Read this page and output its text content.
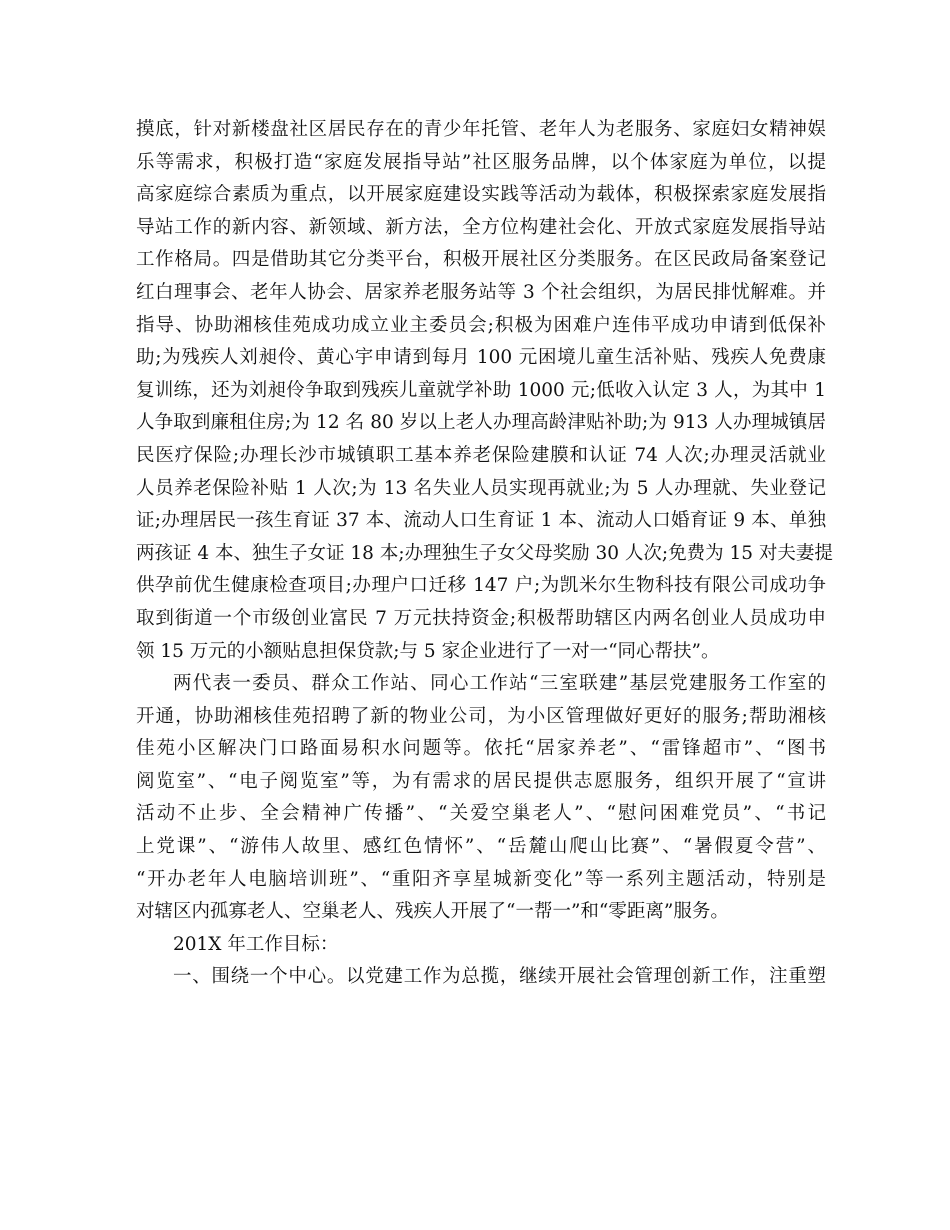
摸底，针对新楼盘社区居民存在的青少年托管、老年人为老服务、家庭妇女精神娱
乐等需求，积极打造“家庭发展指导站”社区服务品牌，以个体家庭为单位，以提
高家庭综合素质为重点，以开展家庭建设实践等活动为载体，积极探索家庭发展指
导站工作的新内容、新领域、新方法，全方位构建社会化、开放式家庭发展指导站
工作格局。四是借助其它分类平台，积极开展社区分类服务。在区民政局备案登记
红白理事会、老年人协会、居家养老服务站等 3 个社会组织，为居民排忧解难。并
指导、协助湘核佳苑成功成立业主委员会;积极为困难户连伟平成功申请到低保补
助;为残疾人刘昶伶、黄心宇申请到每月 100 元困境儿童生活补贴、残疾人免费康
复训练，还为刘昶伶争取到残疾儿童就学补助 1000 元;低收入认定 3 人，为其中 1
人争取到廉租住房;为 12 名 80 岁以上老人办理高龄津贴补助;为 913 人办理城镇居
民医疗保险;办理长沙市城镇职工基本养老保险建膜和认证 74 人次;办理灵活就业
人员养老保险补贴 1 人次;为 13 名失业人员实现再就业;为 5 人办理就、失业登记
证;办理居民一孩生育证 37 本、流动人口生育证 1 本、流动人口婚育证 9 本、单独
两孩证 4 本、独生子女证 18 本;办理独生子女父母奖励 30 人次;免费为 15 对夫妻提
供孕前优生健康检查项目;办理户口迁移 147 户;为凯米尔生物科技有限公司成功争
取到街道一个市级创业富民 7 万元扶持资金;积极帮助辖区内两名创业人员成功申
领 15 万元的小额贴息担保贷款;与 5 家企业进行了一对一“同心帮扶”。
两代表一委员、群众工作站、同心工作站“三室联建”基层党建服务工作室的
开通，协助湘核佳苑招聘了新的物业公司，为小区管理做好更好的服务;帮助湘核
佳苑小区解决门口路面易积水问题等。依托“居家养老”、“雷锋超市”、“图书
阅览室”、“电子阅览室”等，为有需求的居民提供志愿服务，组织开展了“宣讲
活动不止步、全会精神广传播”、“关爱空巢老人”、“慰问困难党员”、“书记
上党课”、“游伟人故里、感红色情怀”、“岳麓山爬山比赛”、“暑假夏令营”、
“开办老年人电脑培训班”、“重阳齐享星城新变化”等一系列主题活动，特别是
对辖区内孤寡老人、空巢老人、残疾人开展了“一帮一”和“零距离”服务。
201X 年工作目标：
一、围绕一个中心。以党建工作为总揽，继续开展社会管理创新工作，注重塑
